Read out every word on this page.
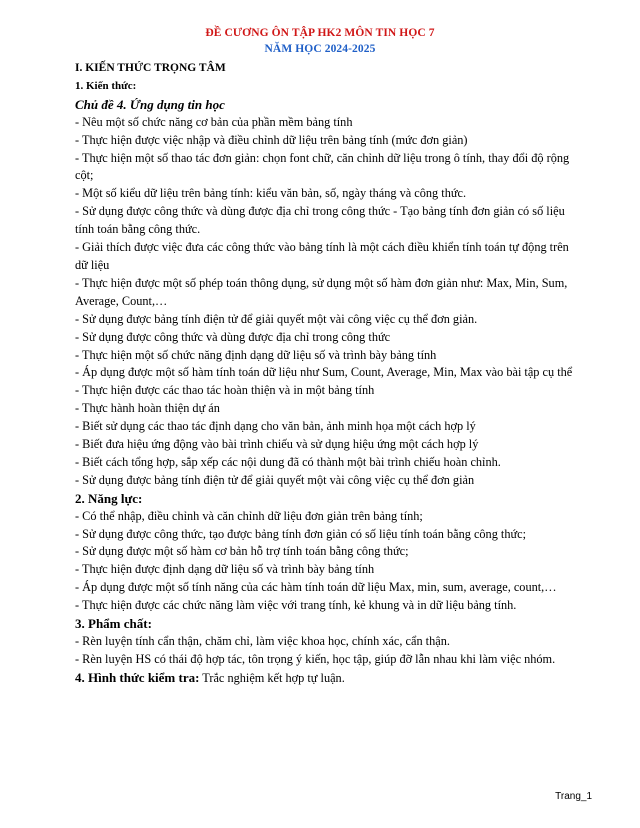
ĐỀ CƯƠNG ÔN TẬP HK2 MÔN TIN HỌC 7
NĂM HỌC 2024-2025

I. KIẾN THỨC TRỌNG TÂM

1. Kiến thức:

Chủ đề 4. Ứng dụng tin học

- Nêu một số chức năng cơ bản của phần mềm bảng tính

- Thực hiện được việc nhập và điều chỉnh dữ liệu trên bảng tính (mức đơn giản)

- Thực hiện một số thao tác đơn giản: chọn font chữ, căn chỉnh dữ liệu trong ô tính, thay đổi độ rộng cột;

- Một số kiểu dữ liệu trên bảng tính: kiểu văn bản, số, ngày tháng và công thức.

- Sử dụng được công thức và dùng được địa chỉ trong công thức - Tạo bảng tính đơn giản có số liệu tính toán bằng công thức.

- Giải thích được việc đưa các công thức vào bảng tính là một cách điều khiển tính toán tự động trên dữ liệu

- Thực hiện được một số phép toán thông dụng, sử dụng một số hàm đơn giản như: Max, Min, Sum,

Average, Count,…

- Sử dụng được bảng tính điện tử để giải quyết một vài công việc cụ thể đơn giản.

- Sử dụng được công thức và dùng được địa chỉ trong công thức

- Thực hiện một số chức năng định dạng dữ liệu số và trình bày bảng tính

- Áp dụng được một số hàm tính toán dữ liệu như Sum, Count, Average, Min, Max vào bài tập cụ thể

- Thực hiện được các thao tác hoàn thiện và in một bảng tính

- Thực hành hoàn thiện dự án

- Biết sử dụng các thao tác định dạng cho văn bản, ảnh minh họa một cách hợp lý

- Biết đưa hiệu ứng động vào bài trình chiếu và sử dụng hiệu ứng một cách hợp lý

- Biết cách tổng hợp, sắp xếp các nội dung đã có thành một bài trình chiếu hoàn chỉnh.

- Sử dụng được bảng tính điện tử để giải quyết một vài công việc cụ thể đơn giản

2. Năng lực:

- Có thể nhập, điều chỉnh và căn chỉnh dữ liệu đơn giản trên bảng tính;

- Sử dụng được công thức, tạo được bảng tính đơn giản có số liệu tính toán bằng công thức;

- Sử dụng được một số hàm cơ bản hỗ trợ tính toán bằng công thức;

- Thực hiện được định dạng dữ liệu số và trình bày bảng tính

- Áp dụng được một số tính năng của các hàm tính toán dữ liệu Max, min, sum, average, count,…

- Thực hiện được các chức năng làm việc với trang tính, kẻ khung và in dữ liệu bảng tính.

3. Phẩm chất:

- Rèn luyện tính cẩn thận, chăm chỉ, làm việc khoa học, chính xác, cẩn thận.

- Rèn luyện HS có thái độ hợp tác, tôn trọng ý kiến, học tập, giúp đỡ lẫn nhau khi làm việc nhóm.

4. Hình thức kiểm tra: Trắc nghiệm kết hợp tự luận.

Trang_1
